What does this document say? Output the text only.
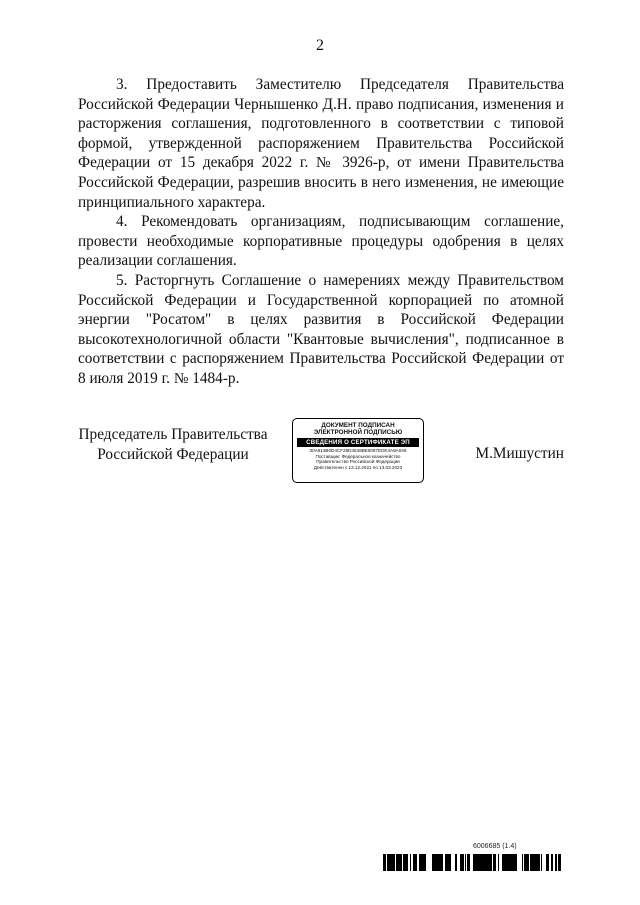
2

3. Предоставить Заместителю Председателя Правительства Российской Федерации Чернышенко Д.Н. право подписания, изменения и расторжения соглашения, подготовленного в соответствии с типовой формой, утвержденной распоряжением Правительства Российской Федерации от 15 декабря 2022 г. № 3926-р, от имени Правительства Российской Федерации, разрешив вносить в него изменения, не имеющие принципиального характера.

4. Рекомендовать организациям, подписывающим соглашение, провести необходимые корпоративные процедуры одобрения в целях реализации соглашения.

5. Расторгнуть Соглашение о намерениях между Правительством Российской Федерации и Государственной корпорацией по атомной энергии "Росатом" в целях развития в Российской Федерации высокотехнологичной области "Квантовые вычисления", подписанное в соответствии с распоряжением Правительства Российской Федерации от 8 июля 2019 г. № 1484-р.

Председатель Правительства
Российской Федерации
ДОКУМЕНТ ПОДПИСАН
ЭЛЕКТРОННОЙ ПОДПИСЬЮ
СВЕДЕНИЯ О СЕРТИФИКАТЕ ЭП
00A613B0D4CF28D4549BE5097EDE4A9A046
Поставщик: Федеральное казначейство
Правительство Российской Федерации
Действителен с 13.12.2021 по 13.03.2023
М.Мишустин
6006685 (1.4)
